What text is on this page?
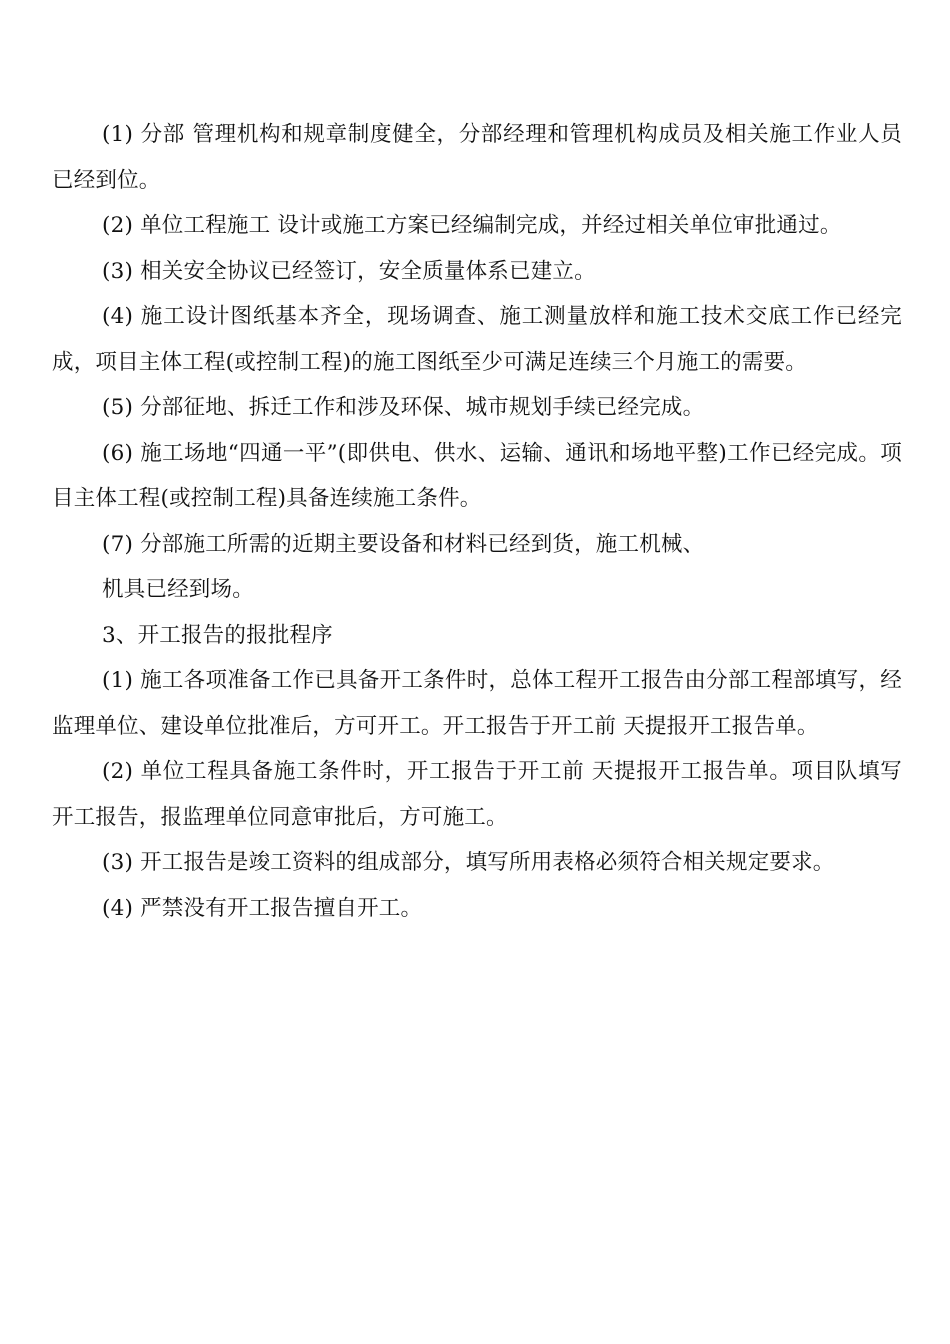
(1) 分部 管理机构和规章制度健全，分部经理和管理机构成员及相关施工作业人员已经到位。

(2) 单位工程施工 设计或施工方案已经编制完成，并经过相关单位审批通过。

(3) 相关安全协议已经签订，安全质量体系已建立。

(4) 施工设计图纸基本齐全，现场调查、施工测量放样和施工技术交底工作已经完成，项目主体工程(或控制工程)的施工图纸至少可满足连续三个月施工的需要。

(5) 分部征地、拆迁工作和涉及环保、城市规划手续已经完成。

(6) 施工场地“四通一平”(即供电、供水、运输、通讯和场地平整)工作已经完成。项目主体工程(或控制工程)具备连续施工条件。

(7) 分部施工所需的近期主要设备和材料已经到货，施工机械、

机具已经到场。

3、开工报告的报批程序

(1) 施工各项准备工作已具备开工条件时，总体工程开工报告由分部工程部填写，经监理单位、建设单位批准后，方可开工。开工报告于开工前 天提报开工报告单。

(2) 单位工程具备施工条件时，开工报告于开工前 天提报开工报告单。项目队填写开工报告，报监理单位同意审批后，方可施工。

(3) 开工报告是竣工资料的组成部分，填写所用表格必须符合相关规定要求。

(4) 严禁没有开工报告擅自开工。
